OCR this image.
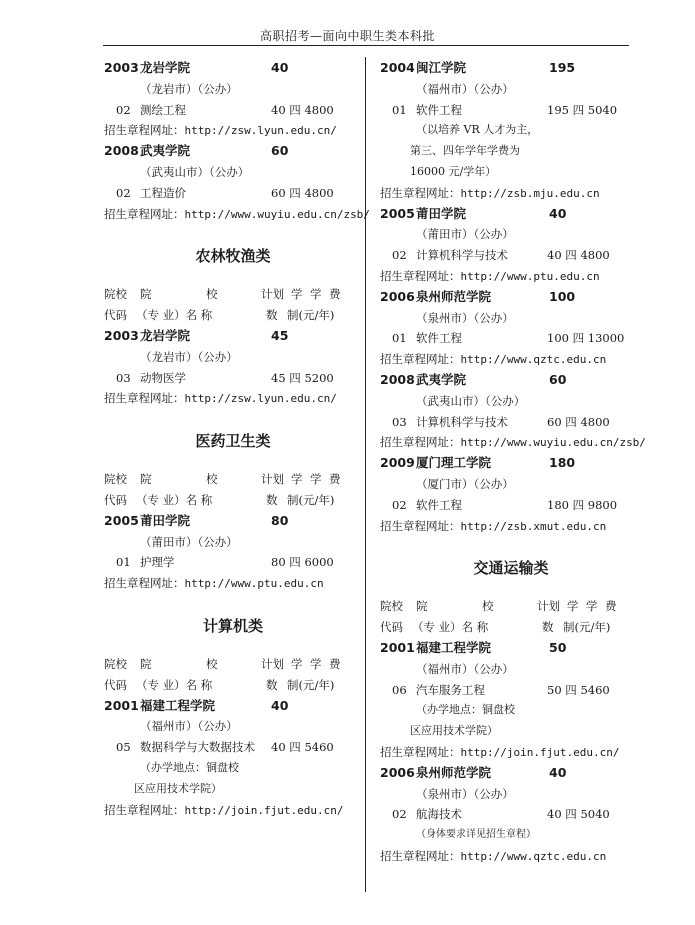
高职招考—面向中职生类本科批
2003龙岩学院	40
（龙岩市）（公办）
02 测绘工程	40 四 4800
招生章程网址：http://zsw.lyun.edu.cn/
2008武夷学院	60
（武夷山市）（公办）
02 工程造价	60 四 4800
招生章程网址：http://www.wuyiu.edu.cn/zsb/
农林牧渔类
院校 院	校	计划 学 学 费
代码 （专 业）名 称	数 制(元/年)
2003龙岩学院	45
（龙岩市）（公办）
03 动物医学	45 四 5200
招生章程网址：http://zsw.lyun.edu.cn/
医药卫生类
院校 院	校	计划 学 学 费
代码 （专 业）名 称	数 制(元/年)
2005莆田学院	80
（莆田市）（公办）
01 护理学	80 四 6000
招生章程网址：http://www.ptu.edu.cn
计算机类
院校 院	校	计划 学 学 费
代码 （专 业）名 称	数 制(元/年)
2001福建工程学院	40
（福州市）（公办）
05 数据科学与大数据技术 40 四 5460
（办学地点：铜盘校
区应用技术学院）
招生章程网址：http://join.fjut.edu.cn/
2004闽江学院	195
（福州市）（公办）
01 软件工程	195 四 5040
（以培养 VR 人才为主，
第三、四年学年学费为
16000 元/学年）
招生章程网址：http://zsb.mju.edu.cn
2005莆田学院	40
（莆田市）（公办）
02 计算机科学与技术	40 四 4800
招生章程网址：http://www.ptu.edu.cn
2006泉州师范学院	100
（泉州市）（公办）
01 软件工程	100 四 13000
招生章程网址：http://www.qztc.edu.cn
2008武夷学院	60
（武夷山市）（公办）
03 计算机科学与技术	60 四 4800
招生章程网址：http://www.wuyiu.edu.cn/zsb/
2009厦门理工学院	180
（厦门市）（公办）
02 软件工程	180 四 9800
招生章程网址：http://zsb.xmut.edu.cn
交通运输类
院校 院	校	计划 学 学 费
代码 （专 业）名 称	数 制(元/年)
2001福建工程学院	50
（福州市）（公办）
06 汽车服务工程	50 四 5460
（办学地点：铜盘校
区应用技术学院）
招生章程网址：http://join.fjut.edu.cn/
2006泉州师范学院	40
（泉州市）（公办）
02 航海技术	40 四 5040
（身体要求详见招生章程）
招生章程网址：http://www.qztc.edu.cn
